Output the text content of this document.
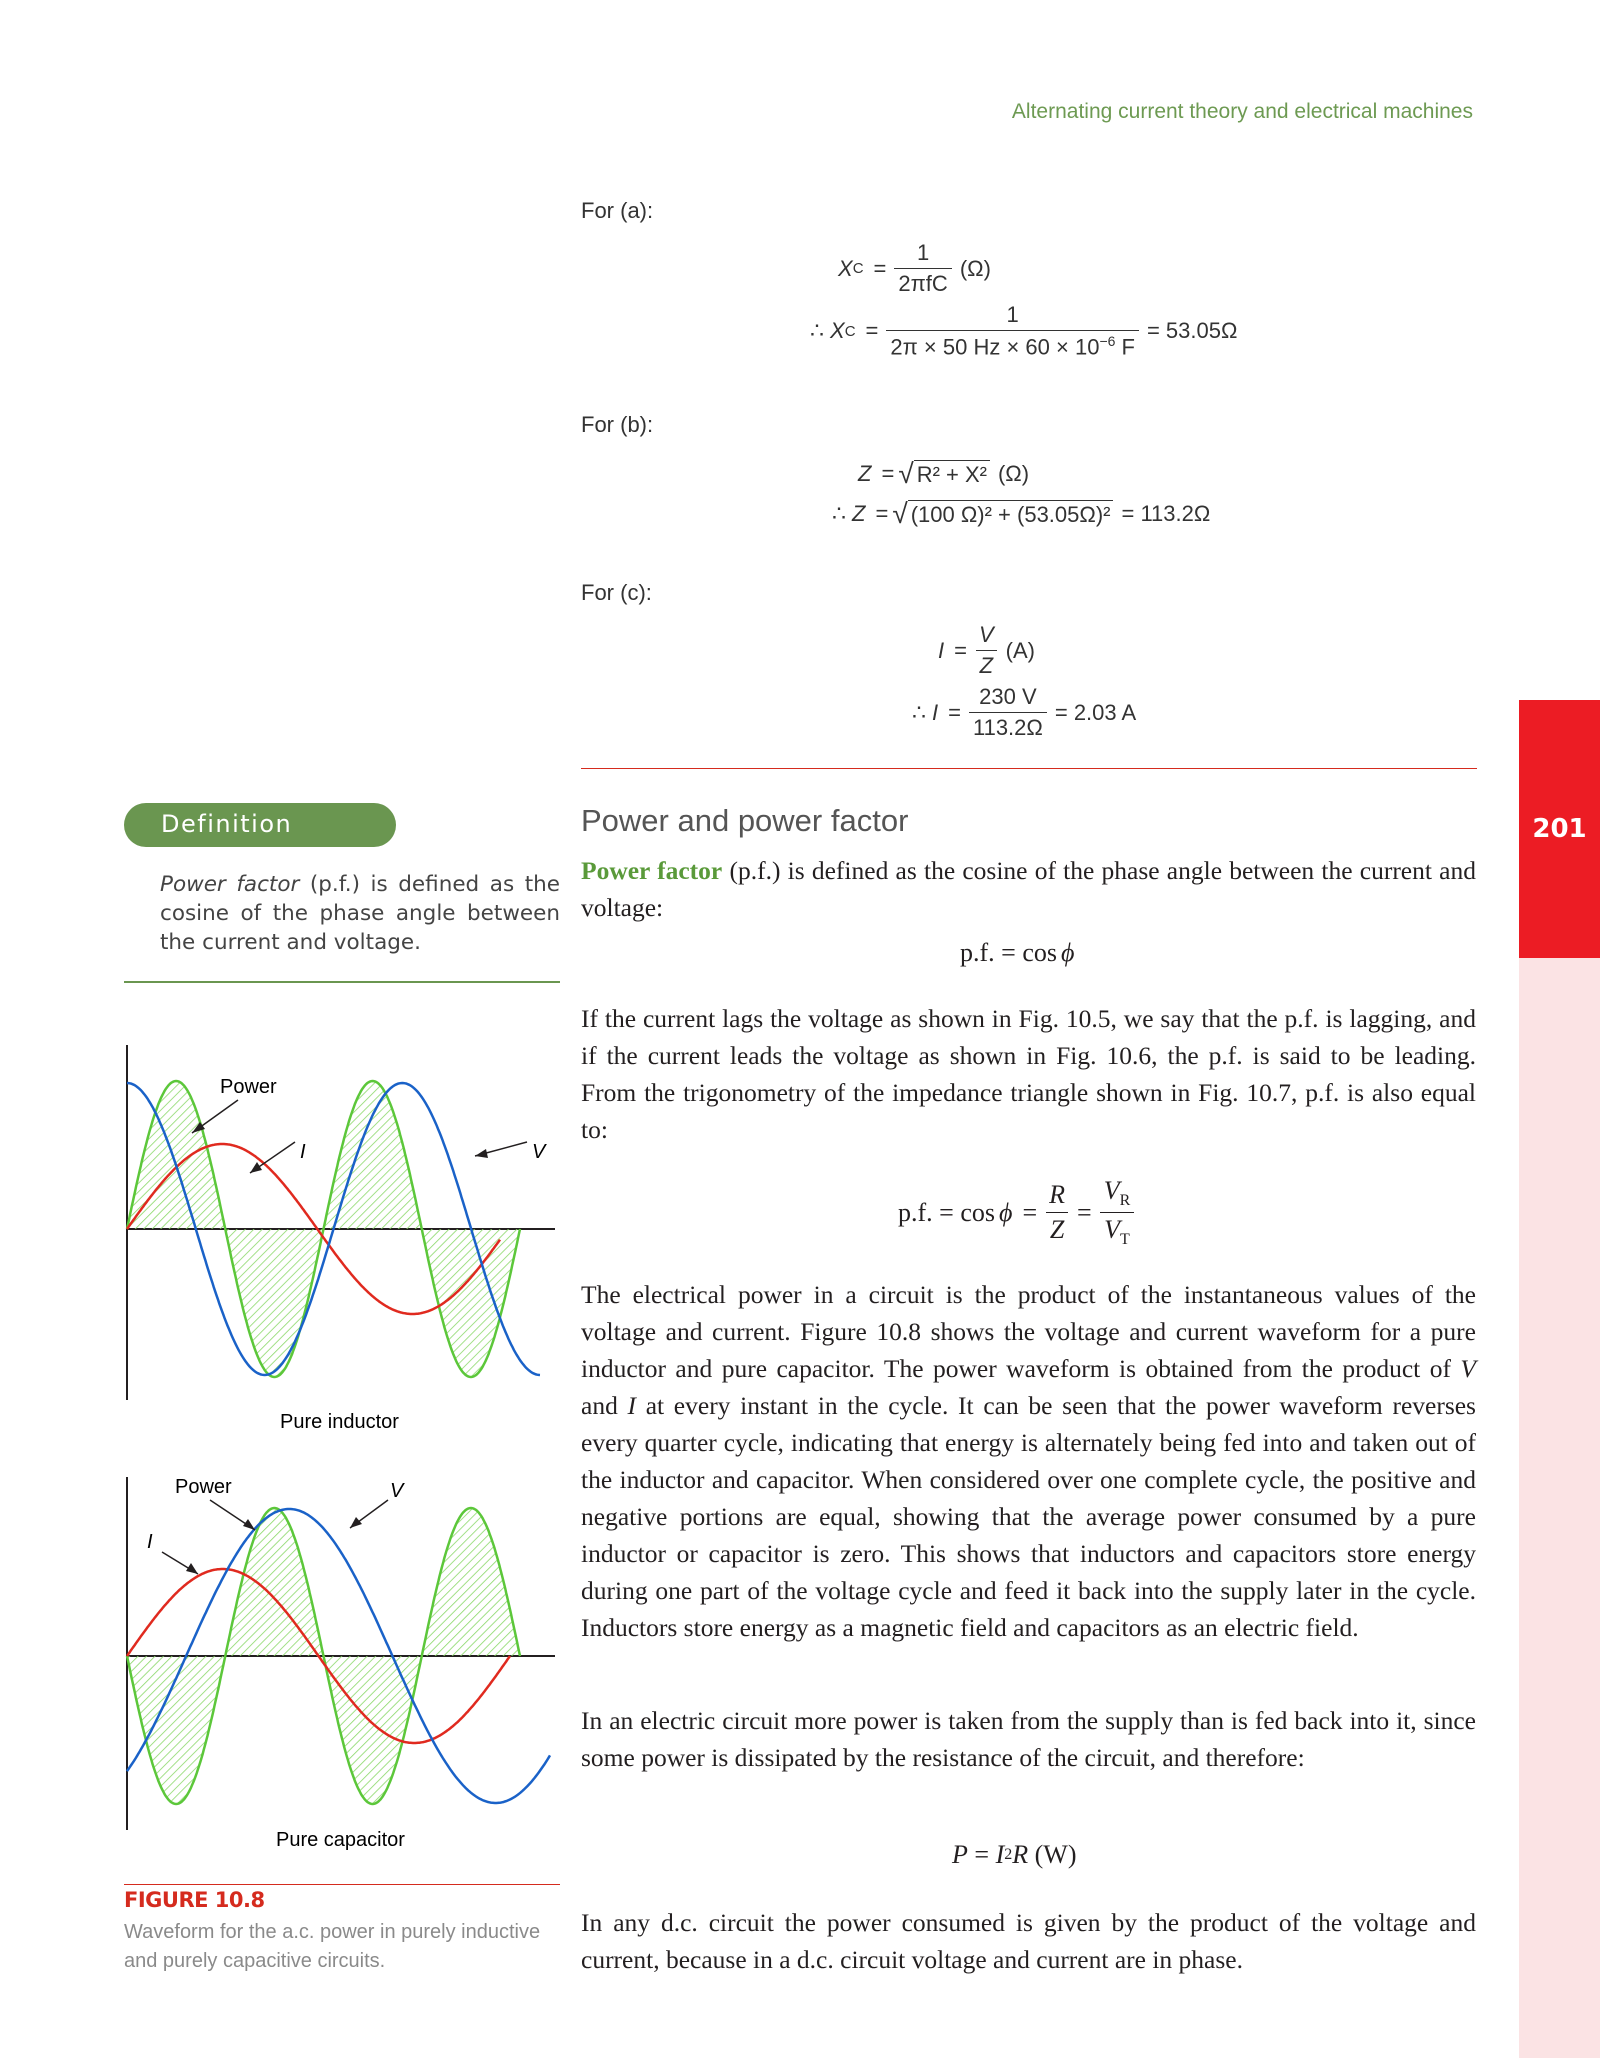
Alternating current theory and electrical machines
201
For (a):
X $C = \frac{1}{\text{2πfC}} (\Omega)$
∴ X $C = \frac{1}{2\pi \times 50 Hz \times 60 \times 10^{-6} F} = 53.05\Omega$
For (b):
Z = √ R² + X² (Ω)
∴ Z = √ (100 Ω)² + (53.05Ω)² = 113.2Ω
For (c):
$I = \frac{V}{Z} (A)$
∴ $I = \frac{230 V}{113.2\Omega} = 2.03$ A
Definition
Power factor (p.f.) is defined as the cosine of the phase angle between the current and voltage.
Power and power factor
Power factor (p.f.) is defined as the cosine of the phase angle between the current and voltage:
p.f. = cos ϕ
If the current lags the voltage as shown in Fig. 10.5, we say that the p.f. is lagging, and if the current leads the voltage as shown in Fig. 10.6, the p.f. is said to be leading. From the trigonometry of the impedance triangle shown in Fig. 10.7, p.f. is also equal to:
p.f. = $\cos \phi = \frac{R}{Z} = \frac{V_R}{V_T}$
The electrical power in a circuit is the product of the instantaneous values of the voltage and current. Figure 10.8 shows the voltage and current waveform for a pure inductor and pure capacitor. The power waveform is obtained from the product of V and I at every instant in the cycle. It can be seen that the power waveform reverses every quarter cycle, indicating that energy is alternately being fed into and taken out of the inductor and capacitor. When considered over one complete cycle, the positive and negative portions are equal, showing that the average power consumed by a pure inductor or capacitor is zero. This shows that inductors and capacitors store energy during one part of the voltage cycle and feed it back into the supply later in the cycle. Inductors store energy as a magnetic field and capacitors as an electric field.
In an electric circuit more power is taken from the supply than is fed back into it, since some power is dissipated by the resistance of the circuit, and therefore:
P = I 2 R (W)
In any d.c. circuit the power consumed is given by the product of the voltage and current, because in a d.c. circuit voltage and current are in phase.
Power
I	V
Pure inductor
Power	V
I
Pure capacitor
FIGURE 10.8
Waveform for the a.c. power in purely inductive and purely capacitive circuits.
